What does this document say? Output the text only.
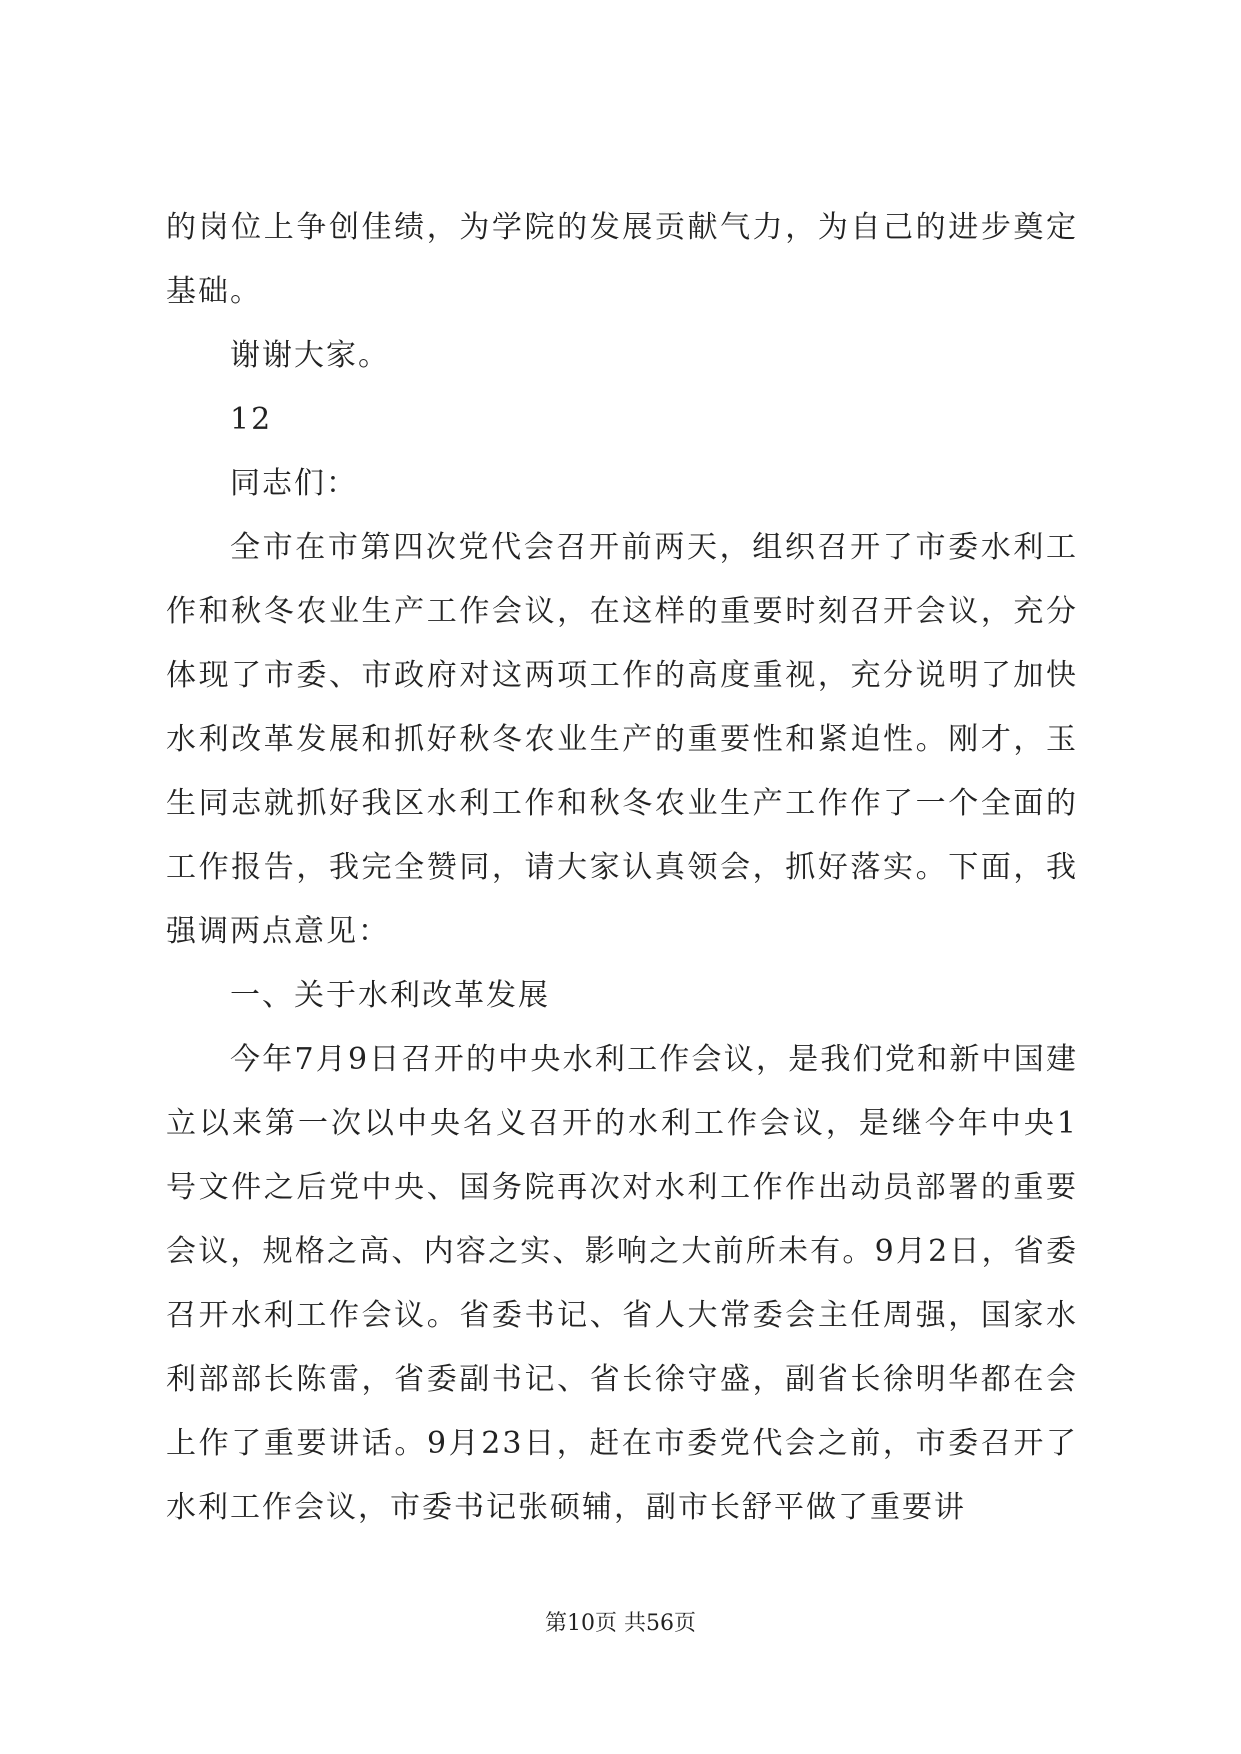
的岗位上争创佳绩，为学院的发展贡献气力，为自己的进步奠定基础。

谢谢大家。

12

同志们：

全市在市第四次党代会召开前两天，组织召开了市委水利工作和秋冬农业生产工作会议，在这样的重要时刻召开会议，充分体现了市委、市政府对这两项工作的高度重视，充分说明了加快水利改革发展和抓好秋冬农业生产的重要性和紧迫性。刚才，玉生同志就抓好我区水利工作和秋冬农业生产工作作了一个全面的工作报告，我完全赞同，请大家认真领会，抓好落实。下面，我强调两点意见：

一、关于水利改革发展

今年7月9日召开的中央水利工作会议，是我们党和新中国建立以来第一次以中央名义召开的水利工作会议，是继今年中央1号文件之后党中央、国务院再次对水利工作作出动员部署的重要会议，规格之高、内容之实、影响之大前所未有。9月2日，省委召开水利工作会议。省委书记、省人大常委会主任周强，国家水利部部长陈雷，省委副书记、省长徐守盛，副省长徐明华都在会上作了重要讲话。9月23日，赶在市委党代会之前，市委召开了水利工作会议，市委书记张硕辅，副市长舒平做了重要讲

第10页 共56页
